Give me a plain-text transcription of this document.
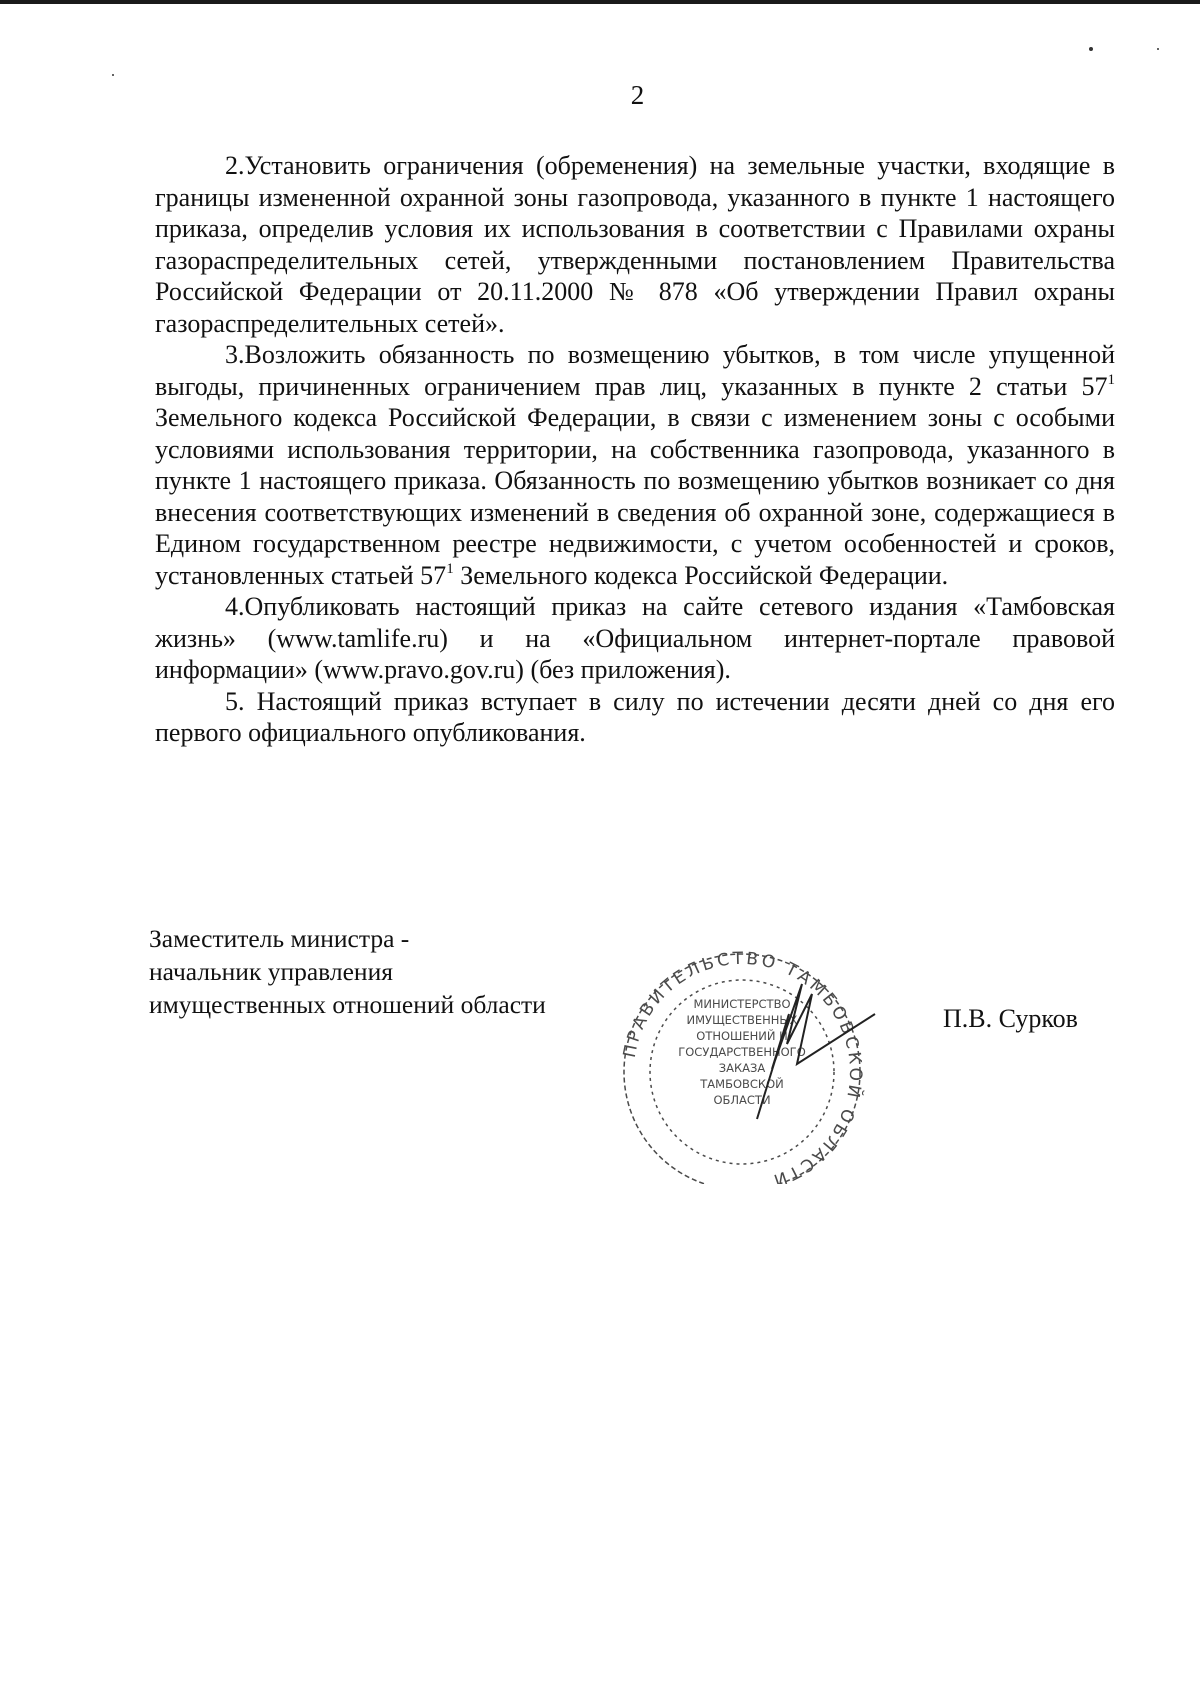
2

2.Установить ограничения (обременения) на земельные участки, входящие в границы измененной охранной зоны газопровода, указанного в пункте 1 настоящего приказа, определив условия их использования в соответствии с Правилами охраны газораспределительных сетей, утвержденными постановлением Правительства Российской Федерации от 20.11.2000 № 878 «Об утверждении Правил охраны газораспределительных сетей».

3.Возложить обязанность по возмещению убытков, в том числе упущенной выгоды, причиненных ограничением прав лиц, указанных в пункте 2 статьи $57^1$ Земельного кодекса Российской Федерации, в связи с изменением зоны с особыми условиями использования территории, на собственника газопровода, указанного в пункте 1 настоящего приказа. Обязанность по возмещению убытков возникает со дня внесения соответствующих изменений в сведения об охранной зоне, содержащиеся в Едином государственном реестре недвижимости, с учетом особенностей и сроков, установленных статьей $57^1$ Земельного кодекса Российской Федерации.

4.Опубликовать настоящий приказ на сайте сетевого издания «Тамбовская жизнь» (www.tamlife.ru) и на «Официальном интернет-портале правовой информации» (www.pravo.gov.ru) (без приложения).

5. Настоящий приказ вступает в силу по истечении десяти дней со дня его первого официального опубликования.

Заместитель министра -
начальник управления
имущественных отношений области
ПРАВИТЕЛЬСТВО ТАМБОВСКОЙ ОБЛАСТИ
МИНИСТЕРСТВО
ИМУЩЕСТВЕННЫХ
ОТНОШЕНИЙ И
ГОСУДАРСТВЕННОГО
ЗАКАЗА
ТАМБОВСКОЙ
ОБЛАСТИ
П.В. Сурков
